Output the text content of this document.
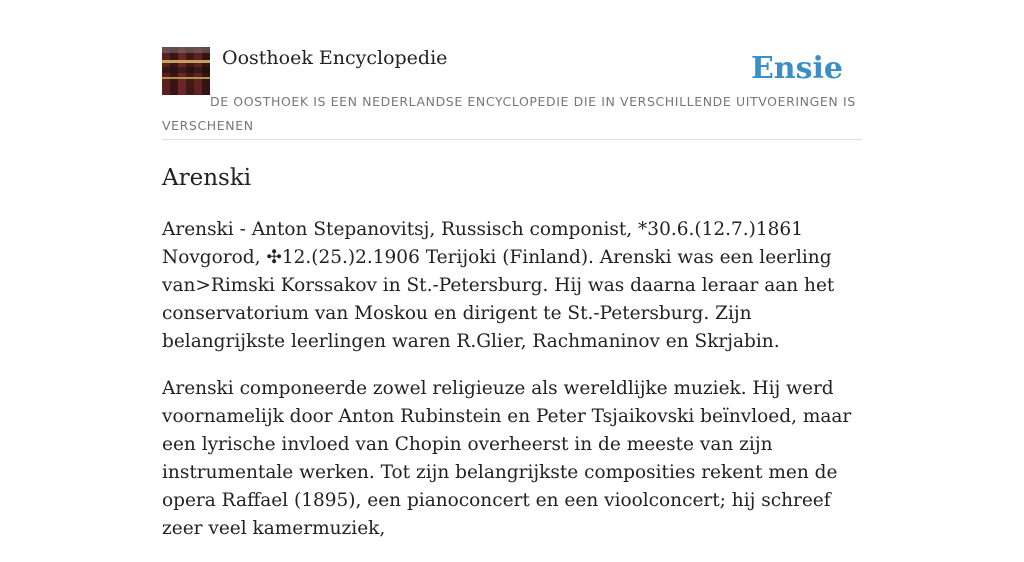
Oosthoek Encyclopedie	Ensie
DE OOSTHOEK IS EEN NEDERLANDSE ENCYCLOPEDIE DIE IN VERSCHILLENDE UITVOERINGEN IS VERSCHENEN
Arenski

Arenski - Anton Stepanovitsj, Russisch componist, *30.6.(12.7.)1861 Novgorod, ✣12.(25.)2.1906 Terijoki (Finland). Arenski was een leerling van>Rimski Korssakov in St.-Petersburg. Hij was daarna leraar aan het conservatorium van Moskou en dirigent te St.-Petersburg. Zijn belangrijkste leerlingen waren R.Glier, Rachmaninov en Skrjabin.

Arenski componeerde zowel religieuze als wereldlijke muziek. Hij werd voornamelijk door Anton Rubinstein en Peter Tsjaikovski beïnvloed, maar een lyrische invloed van Chopin overheerst in de meeste van zijn instrumentale werken. Tot zijn belangrijkste composities rekent men de opera Raffael (1895), een pianoconcert en een vioolconcert; hij schreef zeer veel kamermuziek,
